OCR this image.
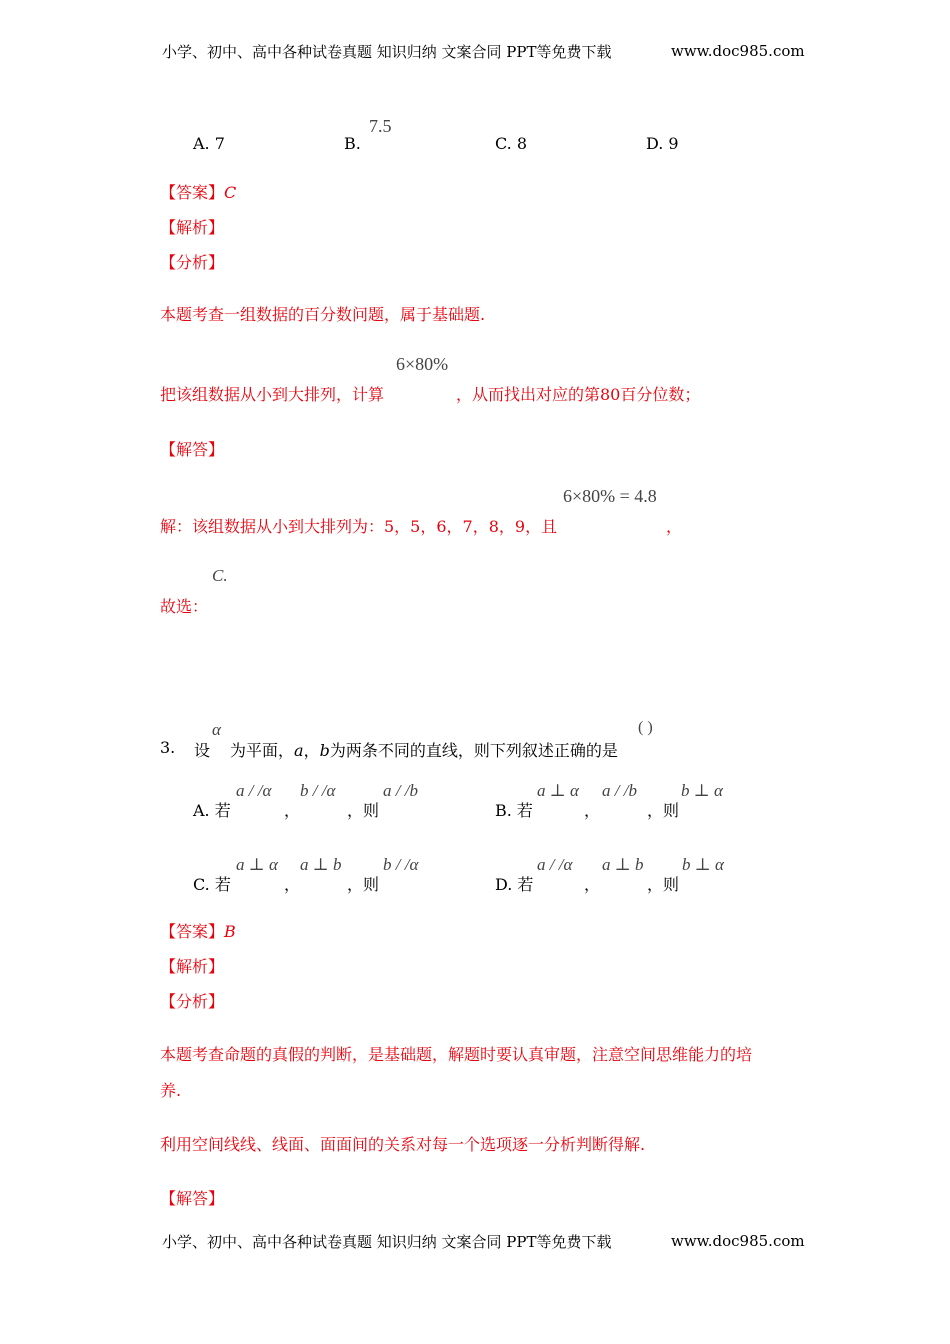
小学、初中、高中各种试卷真题 知识归纳 文案合同 PPT等免费下载	www.doc985.com
A. 7	B.
7.5
C. 8	D. 9
【答案】C
【解析】
【分析】
本题考查一组数据的百分数问题，属于基础题.
6×80%
把该组数据从小到大排列，计算	，从而找出对应的第80百分位数；
【解答】
6×80% = 4.8
解：该组数据从小到大排列为：5，5，6，7，8，9，且	，
C.
故选：
3. 设
α
为平面，a，b为两条不同的直线，则下列叙述正确的是
( )
A. 若
a / /α
，
b / /α
，则
a / /b
B. 若
a ⊥ α
，
a / /b
，则
b ⊥ α
C. 若
a ⊥ α
，
a ⊥ b
，则
b / /α
D. 若
a / /α
，
a ⊥ b
，则
b ⊥ α
【答案】B
【解析】
【分析】
本题考查命题的真假的判断，是基础题，解题时要认真审题，注意空间思维能力的培
养.
利用空间线线、线面、面面间的关系对每一个选项逐一分析判断得解.
【解答】
小学、初中、高中各种试卷真题 知识归纳 文案合同 PPT等免费下载	www.doc985.com
